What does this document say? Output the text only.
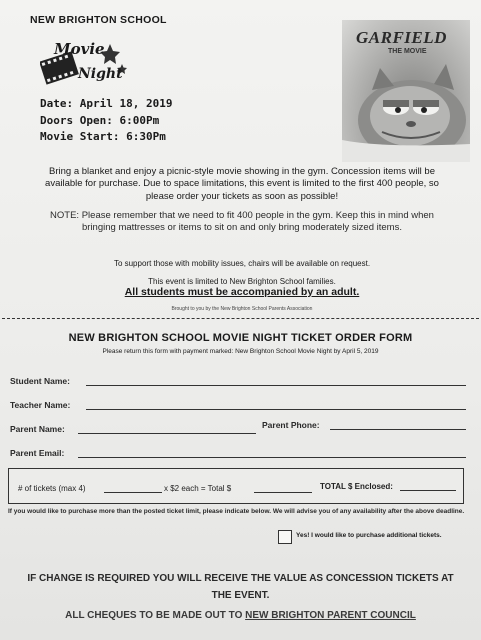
NEW BRIGHTON SCHOOL
Movie
Night
Date: April 18, 2019
Doors Open: 6:00Pm
Movie Start: 6:30Pm
GARFIELD
THE MOVIE
Bring a blanket and enjoy a picnic-style movie showing in the gym. Concession items will be available for purchase. Due to space limitations, this event is limited to the first 400 people, so please order your tickets as soon as possible!
NOTE: Please remember that we need to fit 400 people in the gym. Keep this in mind when bringing mattresses or items to sit on and only bring moderately sized items.
To support those with mobility issues, chairs will be available on request.
This event is limited to New Brighton School families.
All students must be accompanied by an adult.
Brought to you by the New Brighton School Parents Association
NEW BRIGHTON SCHOOL MOVIE NIGHT TICKET ORDER FORM
Please return this form with payment marked: New Brighton School Movie Night by April 5, 2019
Student Name:
Teacher Name:
Parent Name:	Parent Phone:
Parent Email:
# of tickets (max 4)	x $2 each = Total $	TOTAL $ Enclosed:
If you would like to purchase more than the posted ticket limit, please indicate below. We will advise you of any availability after the above deadline.
Yes! I would like to purchase additional tickets.
IF CHANGE IS REQUIRED YOU WILL RECEIVE THE VALUE AS CONCESSION TICKETS AT THE EVENT.
ALL CHEQUES TO BE MADE OUT TO NEW BRIGHTON PARENT COUNCIL
